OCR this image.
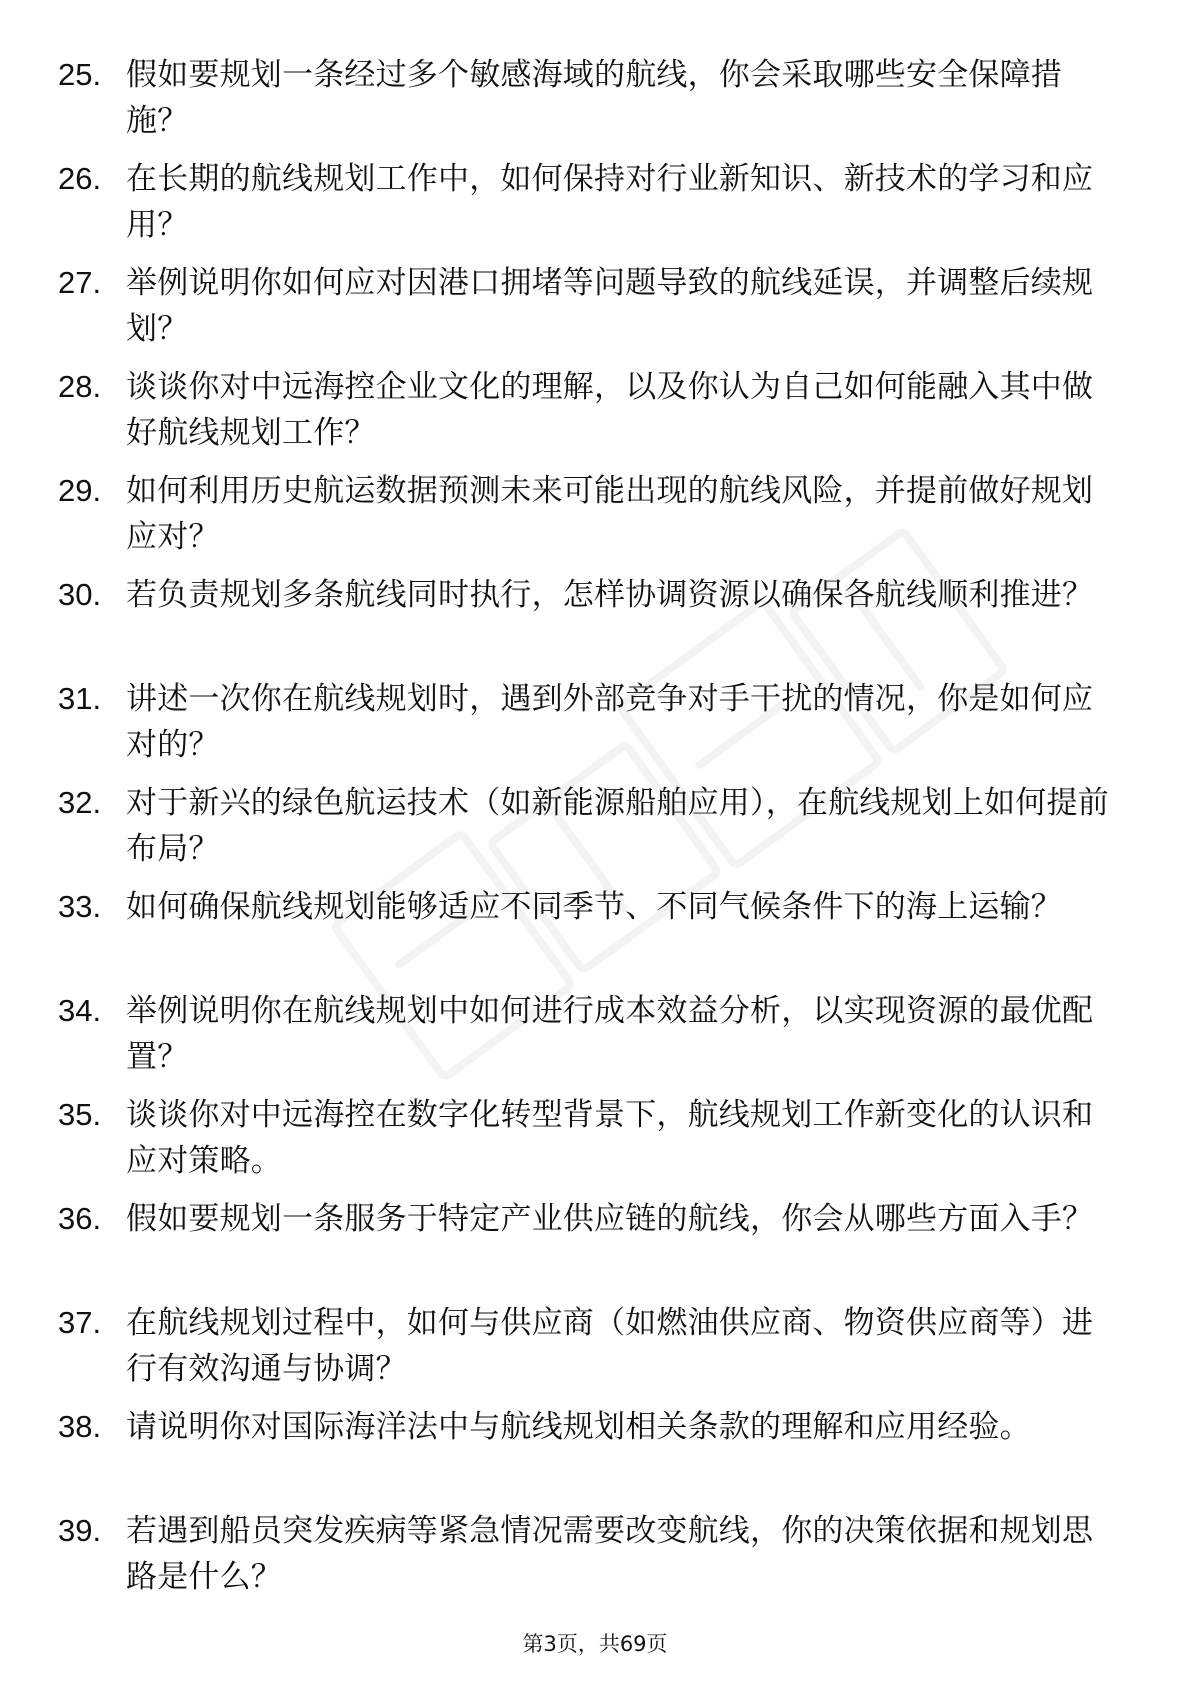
25. 假如要规划一条经过多个敏感海域的航线，你会采取哪些安全保障措施？
26. 在长期的航线规划工作中，如何保持对行业新知识、新技术的学习和应用？
27. 举例说明你如何应对因港口拥堵等问题导致的航线延误，并调整后续规划？
28. 谈谈你对中远海控企业文化的理解，以及你认为自己如何能融入其中做好航线规划工作？
29. 如何利用历史航运数据预测未来可能出现的航线风险，并提前做好规划应对？
30. 若负责规划多条航线同时执行，怎样协调资源以确保各航线顺利推进？
31. 讲述一次你在航线规划时，遇到外部竞争对手干扰的情况，你是如何应对的？
32. 对于新兴的绿色航运技术（如新能源船舶应用），在航线规划上如何提前布局？
33. 如何确保航线规划能够适应不同季节、不同气候条件下的海上运输？
34. 举例说明你在航线规划中如何进行成本效益分析，以实现资源的最优配置？
35. 谈谈你对中远海控在数字化转型背景下，航线规划工作新变化的认识和应对策略。
36. 假如要规划一条服务于特定产业供应链的航线，你会从哪些方面入手？
37. 在航线规划过程中，如何与供应商（如燃油供应商、物资供应商等）进行有效沟通与协调？
38. 请说明你对国际海洋法中与航线规划相关条款的理解和应用经验。
39. 若遇到船员突发疾病等紧急情况需要改变航线，你的决策依据和规划思路是什么？
第3页，共69页
